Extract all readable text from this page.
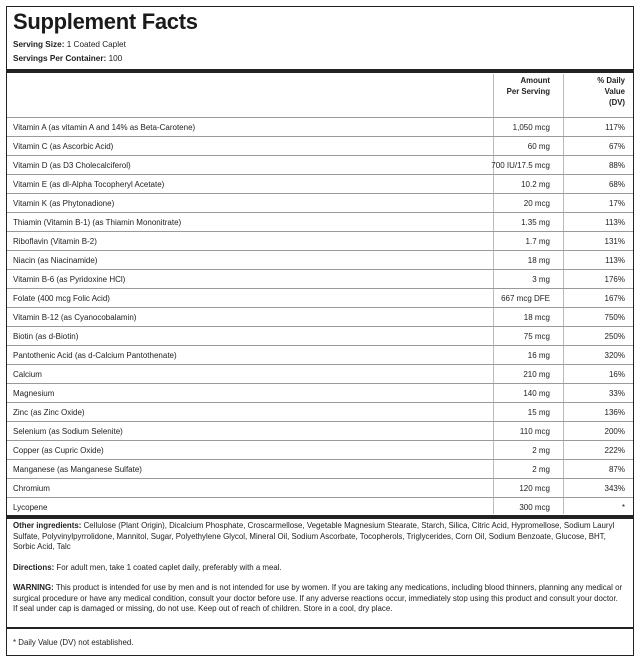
Supplement Facts
Serving Size: 1 Coated Caplet
Servings Per Container: 100
Amount
Per Serving
% Daily
Value
(DV)
Vitamin A (as vitamin A and 14% as Beta-Carotene)	1,050 mcg	117%
Vitamin C (as Ascorbic Acid)	60 mg	67%
Vitamin D (as D3 Cholecalciferol)	700 IU/17.5 mcg	88%
Vitamin E (as dl-Alpha Tocopheryl Acetate)	10.2 mg	68%
Vitamin K (as Phytonadione)	20 mcg	17%
Thiamin (Vitamin B-1) (as Thiamin Mononitrate)	1.35 mg	113%
Riboflavin (Vitamin B-2)	1.7 mg	131%
Niacin (as Niacinamide)	18 mg	113%
Vitamin B-6 (as Pyridoxine HCl)	3 mg	176%
Folate (400 mcg Folic Acid)	667 mcg DFE	167%
Vitamin B-12 (as Cyanocobalamin)	18 mcg	750%
Biotin (as d-Biotin)	75 mcg	250%
Pantothenic Acid (as d-Calcium Pantothenate)	16 mg	320%
Calcium	210 mg	16%
Magnesium	140 mg	33%
Zinc (as Zinc Oxide)	15 mg	136%
Selenium (as Sodium Selenite)	110 mcg	200%
Copper (as Cupric Oxide)	2 mg	222%
Manganese (as Manganese Sulfate)	2 mg	87%
Chromium	120 mcg	343%
Lycopene	300 mcg	*
Other ingredients: Cellulose (Plant Origin), Dicalcium Phosphate, Croscarmellose, Vegetable Magnesium Stearate, Starch, Silica, Citric Acid, Hypromellose, Sodium Lauryl Sulfate, Polyvinylpyrrolidone, Mannitol, Sugar, Polyethylene Glycol, Mineral Oil, Sodium Ascorbate, Tocopherols, Triglycerides, Corn Oil, Sodium Benzoate, Glucose, BHT, Sorbic Acid, Talc
Directions: For adult men, take 1 coated caplet daily, preferably with a meal.
WARNING: This product is intended for use by men and is not intended for use by women. If you are taking any medications, including blood thinners, planning any medical or surgical procedure or have any medical condition, consult your doctor before use. If any adverse reactions occur, immediately stop using this product and consult your doctor. If seal under cap is damaged or missing, do not use. Keep out of reach of children. Store in a cool, dry place.
* Daily Value (DV) not established.
